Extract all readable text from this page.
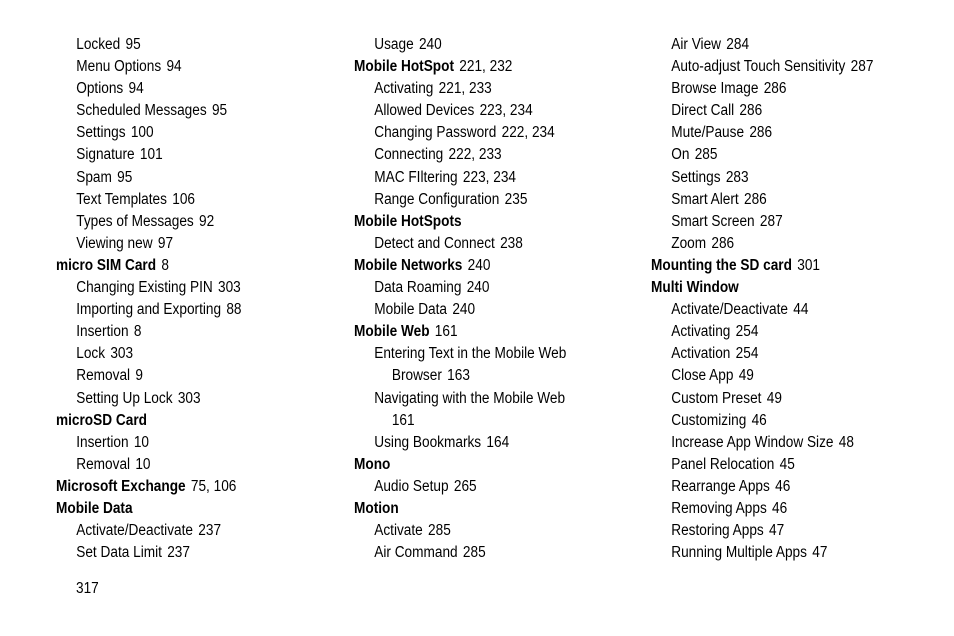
Locked 95
Menu Options 94
Options 94
Scheduled Messages 95
Settings 100
Signature 101
Spam 95
Text Templates 106
Types of Messages 92
Viewing new 97
micro SIM Card 8
Changing Existing PIN 303
Importing and Exporting 88
Insertion 8
Lock 303
Removal 9
Setting Up Lock 303
microSD Card
Insertion 10
Removal 10
Microsoft Exchange 75, 106
Mobile Data
Activate/Deactivate 237
Set Data Limit 237
Usage 240
Mobile HotSpot 221, 232
Activating 221, 233
Allowed Devices 223, 234
Changing Password 222, 234
Connecting 222, 233
MAC FIltering 223, 234
Range Configuration 235
Mobile HotSpots
Detect and Connect 238
Mobile Networks 240
Data Roaming 240
Mobile Data 240
Mobile Web 161
Entering Text in the Mobile Web
Browser 163
Navigating with the Mobile Web
161
Using Bookmarks 164
Mono
Audio Setup 265
Motion
Activate 285
Air Command 285
Air View 284
Auto-adjust Touch Sensitivity 287
Browse Image 286
Direct Call 286
Mute/Pause 286
On 285
Settings 283
Smart Alert 286
Smart Screen 287
Zoom 286
Mounting the SD card 301
Multi Window
Activate/Deactivate 44
Activating 254
Activation 254
Close App 49
Custom Preset 49
Customizing 46
Increase App Window Size 48
Panel Relocation 45
Rearrange Apps 46
Removing Apps 46
Restoring Apps 47
Running Multiple Apps 47
317
